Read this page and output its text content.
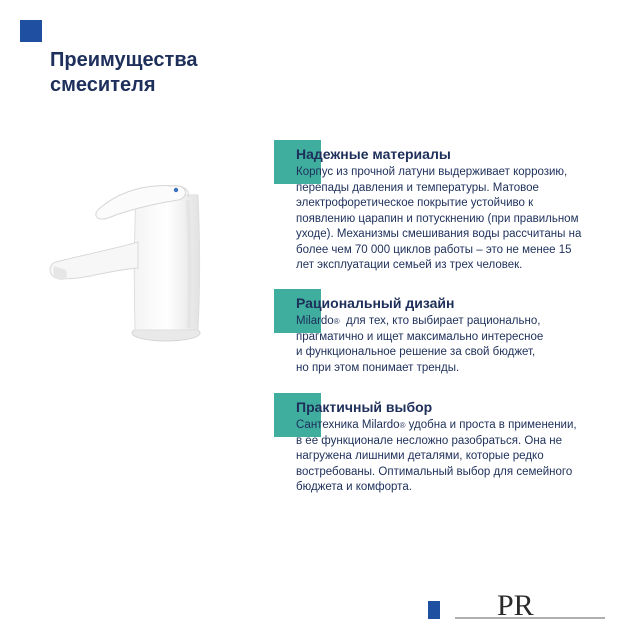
Преимущества
смесителя
Надежные материалы
Корпус из прочной латуни выдерживает коррозию,
перепады давления и температуры. Матовое
электрофоретическое покрытие устойчиво к
появлению царапин и потускнению (при правильном
уходе). Механизмы смешивания воды рассчитаны на
более чем 70 000 циклов работы – это не менее 15
лет эксплуатации семьей из трех человек.
Рациональный дизайн
Milardo®  для тех, кто выбирает рационально,
прагматично и ищет максимально интересное
и функциональное решение за свой бюджет,
но при этом понимает тренды.
Практичный выбор
Сантехника Milardo® удобна и проста в применении,
в ее функционале несложно разобраться. Она не
нагружена лишними деталями, которые редко
востребованы. Оптимальный выбор для семейного
бюджета и комфорта.
PR
